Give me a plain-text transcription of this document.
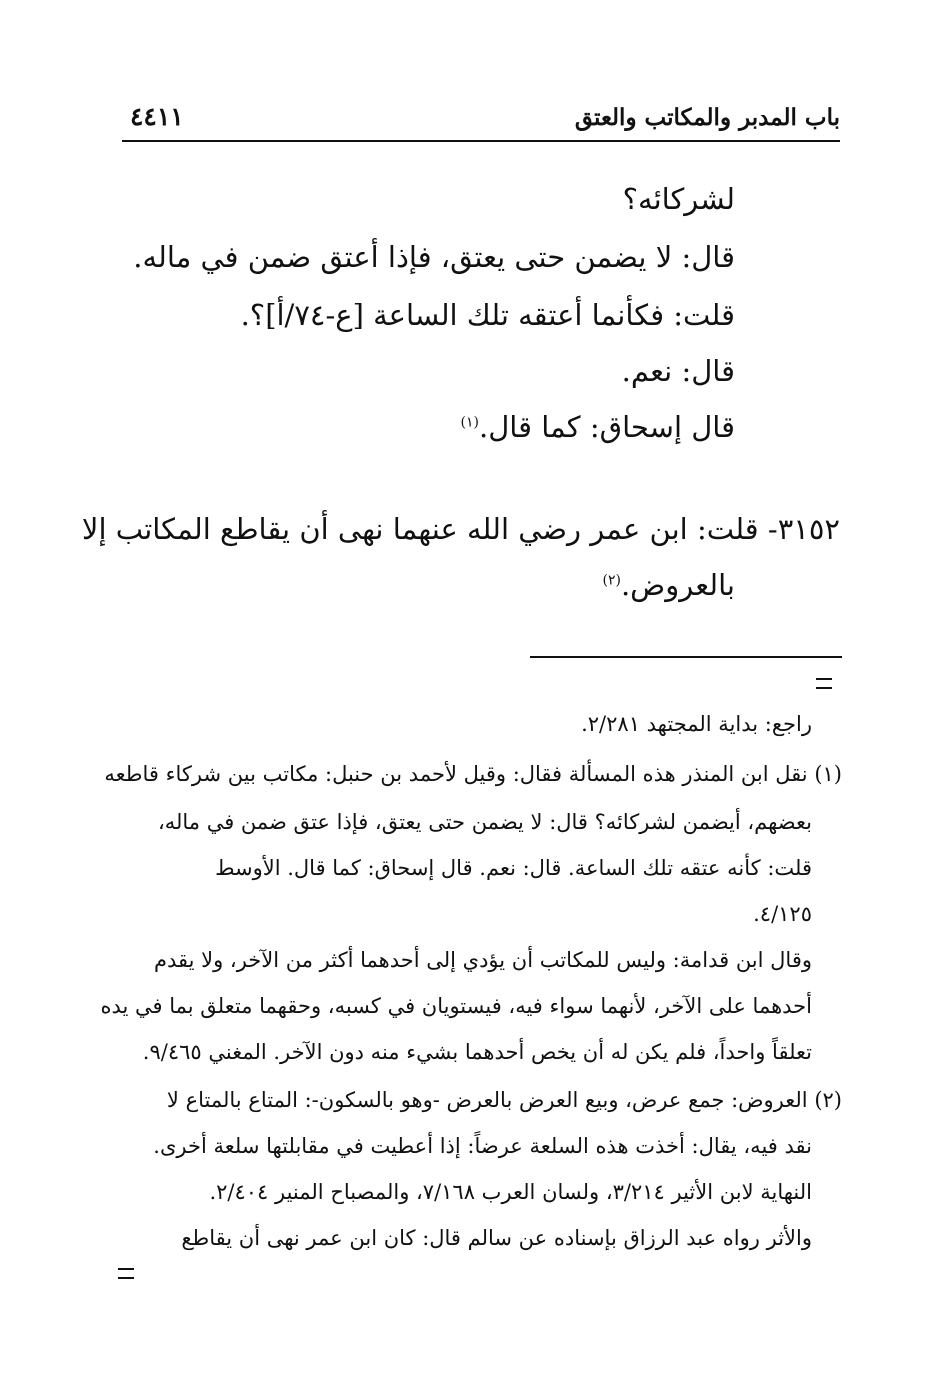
باب المدبر والمكاتب والعتق
٤٤١١
لشركائه؟
قال: لا يضمن حتى يعتق، فإذا أعتق ضمن في ماله.
قلت: فكأنما أعتقه تلك الساعة [ع-٧٤/أ]؟.
قال: نعم.
قال إسحاق: كما قال.$^{(١)}$
٣١٥٢- قلت: ابن عمر رضي الله عنهما نهى أن يقاطع المكاتب إلا
بالعروض.$^{(٢)}$
راجع: بداية المجتهد ٢/٢٨١.
(١) نقل ابن المنذر هذه المسألة فقال: وقيل لأحمد بن حنبل: مكاتب بين شركاء قاطعه
بعضهم، أيضمن لشركائه؟ قال: لا يضمن حتى يعتق، فإذا عتق ضمن في ماله،
قلت: كأنه عتقه تلك الساعة. قال: نعم. قال إسحاق: كما قال. الأوسط
٤/١٢٥.
وقال ابن قدامة: وليس للمكاتب أن يؤدي إلى أحدهما أكثر من الآخر، ولا يقدم
أحدهما على الآخر، لأنهما سواء فيه، فيستويان في كسبه، وحقهما متعلق بما في يده
تعلقاً واحداً، فلم يكن له أن يخص أحدهما بشيء منه دون الآخر. المغني ٩/٤٦٥.
(٢) العروض: جمع عرض، وبيع العرض بالعرض -وهو بالسكون-: المتاع بالمتاع لا
نقد فيه، يقال: أخذت هذه السلعة عرضاً: إذا أعطيت في مقابلتها سلعة أخرى.
النهاية لابن الأثير ٣/٢١٤، ولسان العرب ٧/١٦٨، والمصباح المنير ٢/٤٠٤.
والأثر رواه عبد الرزاق بإسناده عن سالم قال: كان ابن عمر نهى أن يقاطع
